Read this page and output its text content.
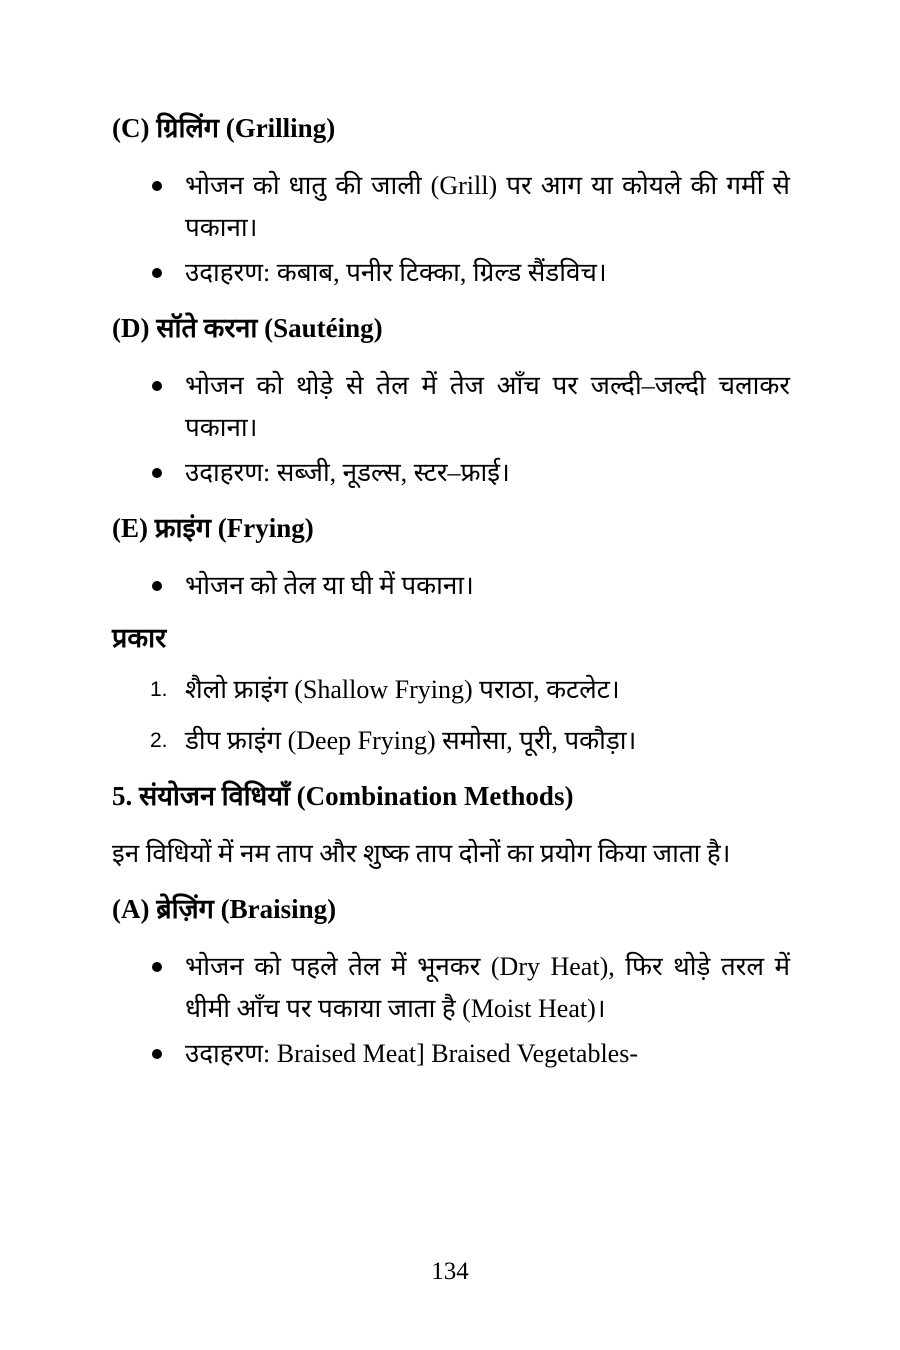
(C) ग्रिलिंग (Grilling)

भोजन को धातु की जाली (Grill) पर आग या कोयले की गर्मी से पकाना।

उदाहरण: कबाब, पनीर टिक्का, ग्रिल्ड सैंडविच।

(D) सॉते करना (Sautéing)

भोजन को थोड़े से तेल में तेज आँच पर जल्दी–जल्दी चलाकर पकाना।

उदाहरण: सब्जी, नूडल्स, स्टर–फ्राई।

(E) फ्राइंग (Frying)

भोजन को तेल या घी में पकाना।

प्रकार
1. शैलो फ्राइंग (Shallow Frying) पराठा, कटलेट।

2. डीप फ्राइंग (Deep Frying) समोसा, पूरी, पकौड़ा।

5. संयोजन विधियाँ (Combination Methods)

इन विधियों में नम ताप और शुष्क ताप दोनों का प्रयोग किया जाता है।

(A) ब्रेज़िंग (Braising)

भोजन को पहले तेल में भूनकर (Dry Heat), फिर थोड़े तरल में धीमी आँच पर पकाया जाता है (Moist Heat)।

उदाहरण: Braised Meat] Braised Vegetables-

134
